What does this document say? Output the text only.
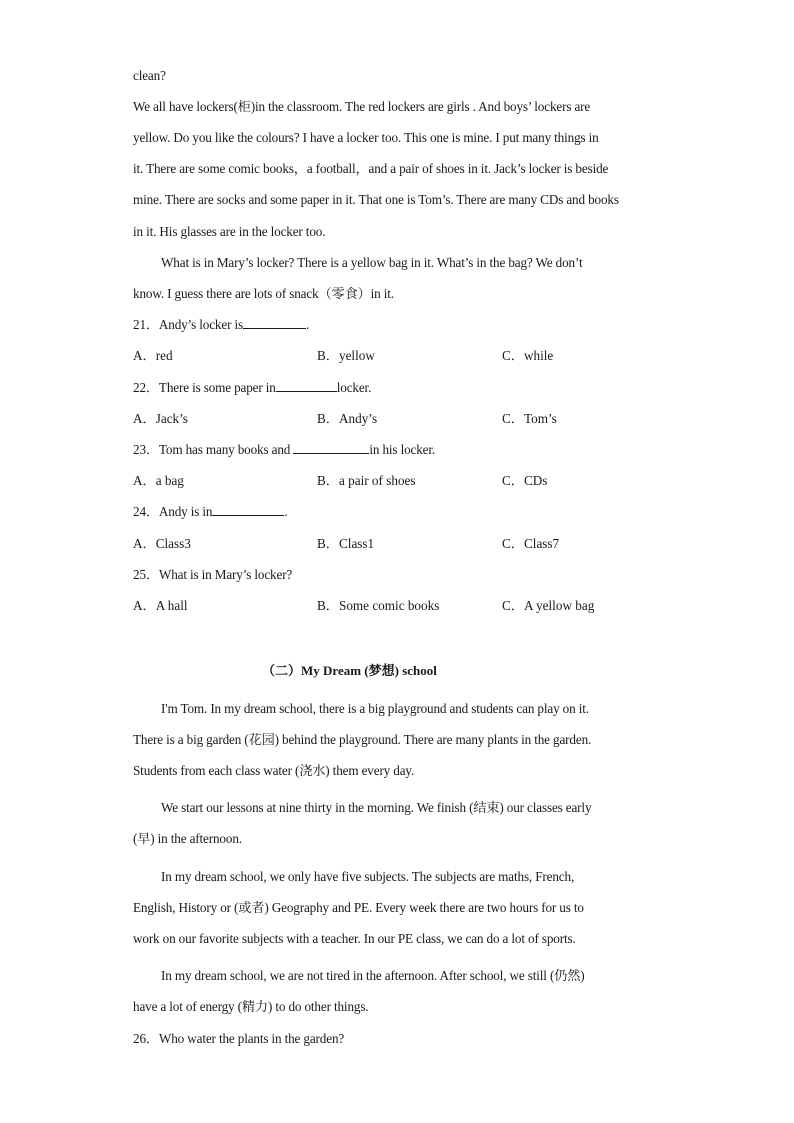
clean?
We all have lockers(柜)in the classroom. The red lockers are girls . And boys’ lockers are
yellow. Do you like the colours? I have a locker too. This one is mine. I put many things in
it. There are some comic books，a football，and a pair of shoes in it. Jack’s locker is beside
mine. There are socks and some paper in it. That one is Tom’s. There are many CDs and books
in it. His glasses are in the locker too.
What is in Mary’s locker? There is a yellow bag in it. What’s in the bag? We don’t
know. I guess there are lots of snack（零食）in it.
21．Andy’s locker is	.
A．red	B．yellow	C．while
22．There is some paper in	locker.
A．Jack’s	B．Andy’s	C．Tom’s
23．Tom has many books and	in his locker.
A．a bag	B．a pair of shoes	C．CDs
24．Andy is in	.
A．Class3	B．Class1	C．Class7
25．What is in Mary’s locker?
A．A hall	B．Some comic books	C．A yellow bag
（二）My Dream (梦想) school
I'm Tom. In my dream school, there is a big playground and students can play on it.
There is a big garden (花园) behind the playground. There are many plants in the garden.
Students from each class water (浇水) them every day.
We start our lessons at nine thirty in the morning. We finish (结束) our classes early
(早) in the afternoon.
In my dream school, we only have five subjects. The subjects are maths, French,
English, History or (或者) Geography and PE. Every week there are two hours for us to
work on our favorite subjects with a teacher. In our PE class, we can do a lot of sports.
In my dream school, we are not tired in the afternoon. After school, we still (仍然)
have a lot of energy (精力) to do other things.
26．Who water the plants in the garden?
